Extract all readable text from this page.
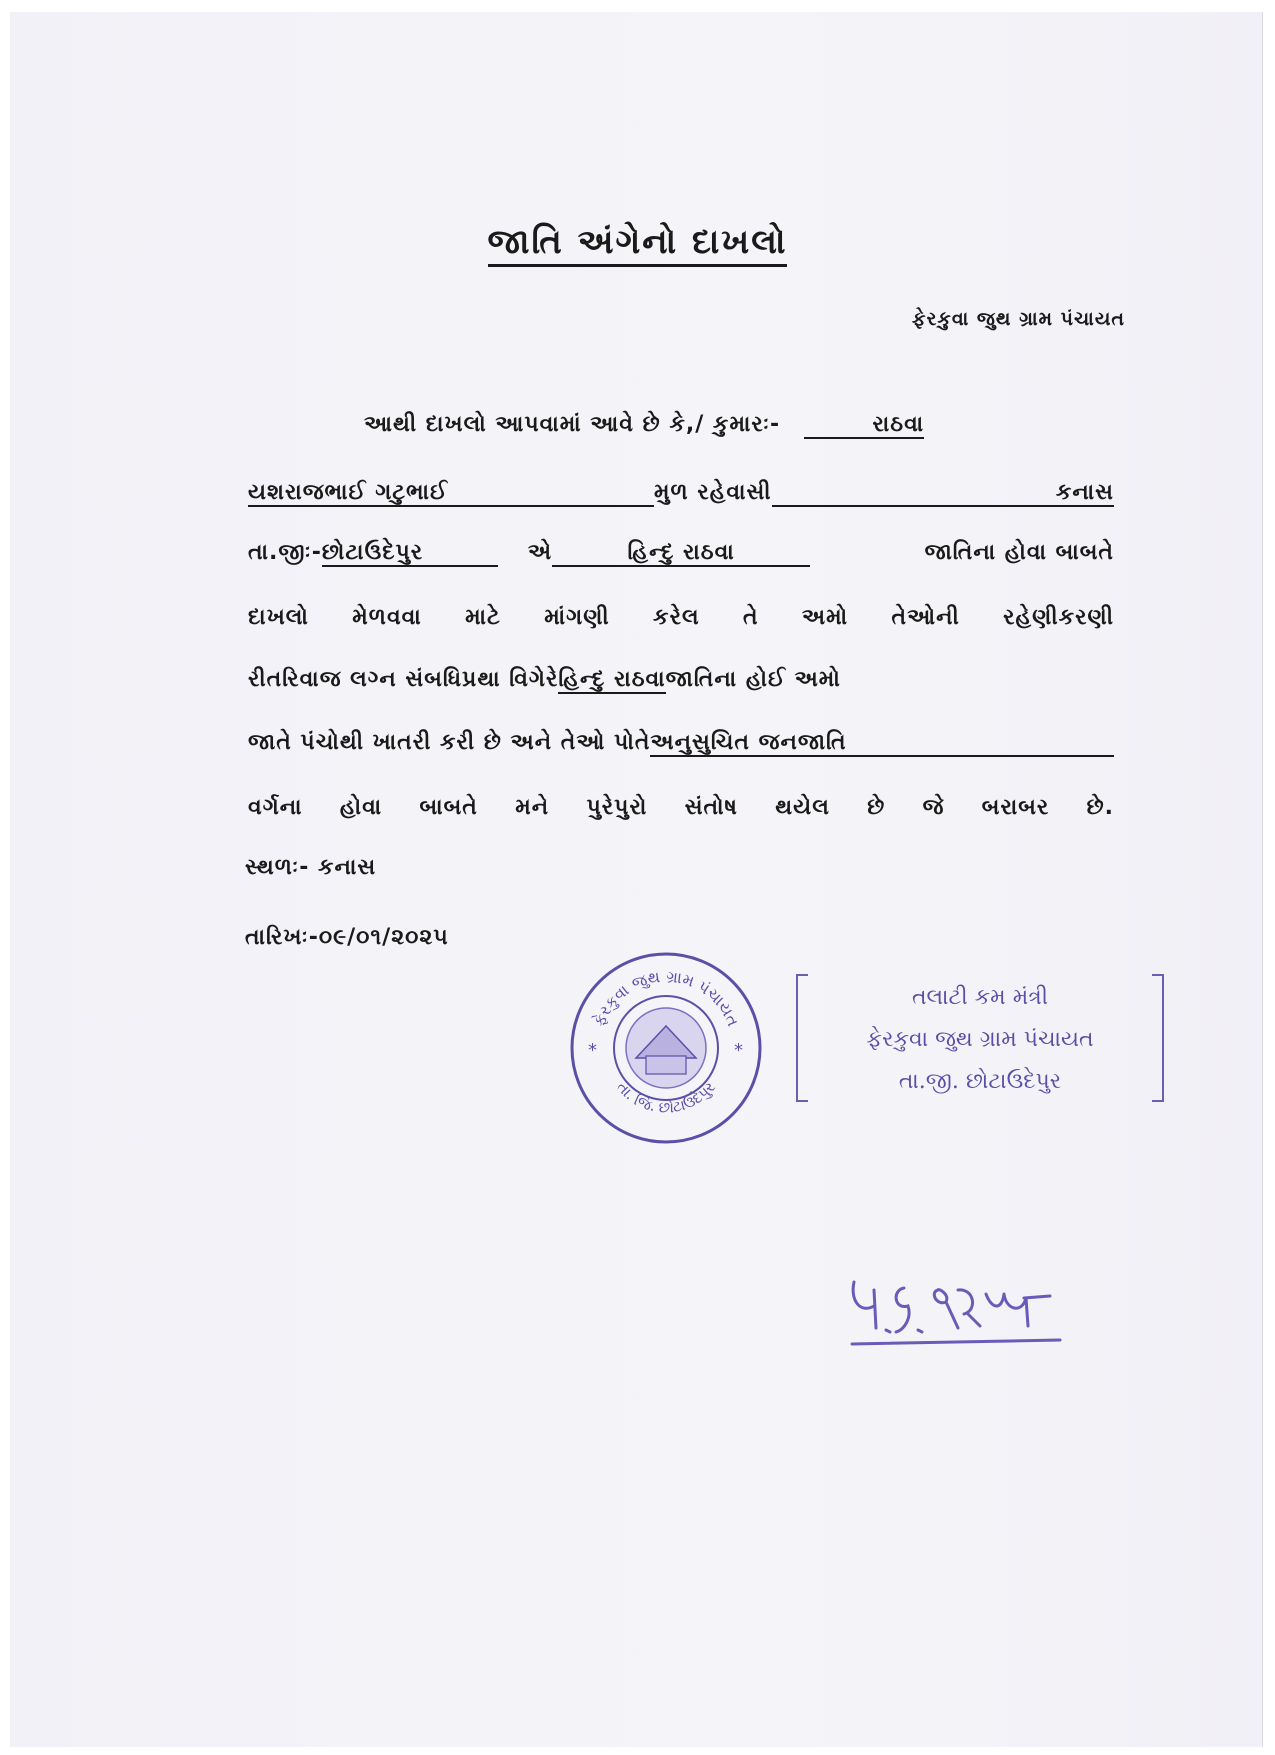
જાતિ અંગેનો દાખલો
ફેરકુવા જુથ ગ્રામ પંચાયત
આથી દાખલો આપવામાં આવે છે કે,/ કુમારઃ-	રાઠવા
યશરાજભાઈ ગટુભાઈ	મુળ રહેવાસી	કનાસ
તા.જીઃ- છોટાઉદેપુર	એ	હિન્દુ રાઠવા	જાતિના હોવા બાબતે
દાખલો મેળવવા માટે માંગણી કરેલ તે અમો તેઓની રહેણીકરણી
રીતરિવાજ લગ્ન સંબધિપ્રથા વિગેરે હિન્દુ રાઠવા જાતિના હોઈ અમો
જાતે પંચોથી ખાતરી કરી છે અને તેઓ પોતે અનુસુચિત જનજાતિ
વર્ગના હોવા બાબતે મને પુરેપુરો સંતોષ થયેલ છે જે બરાબર છે.
સ્થળઃ- કનાસ
તારિખઃ-૦૯/૦૧/૨૦૨૫
ફેરકુવા જુથ ગ્રામ પંચાયત
તા. જિ. છોટાઉદેપુર
*	*
તલાટી કમ મંત્રી
ફેરકુવા જુથ ગ્રામ પંચાયત
તા.જી. છોટાઉદેપુર
